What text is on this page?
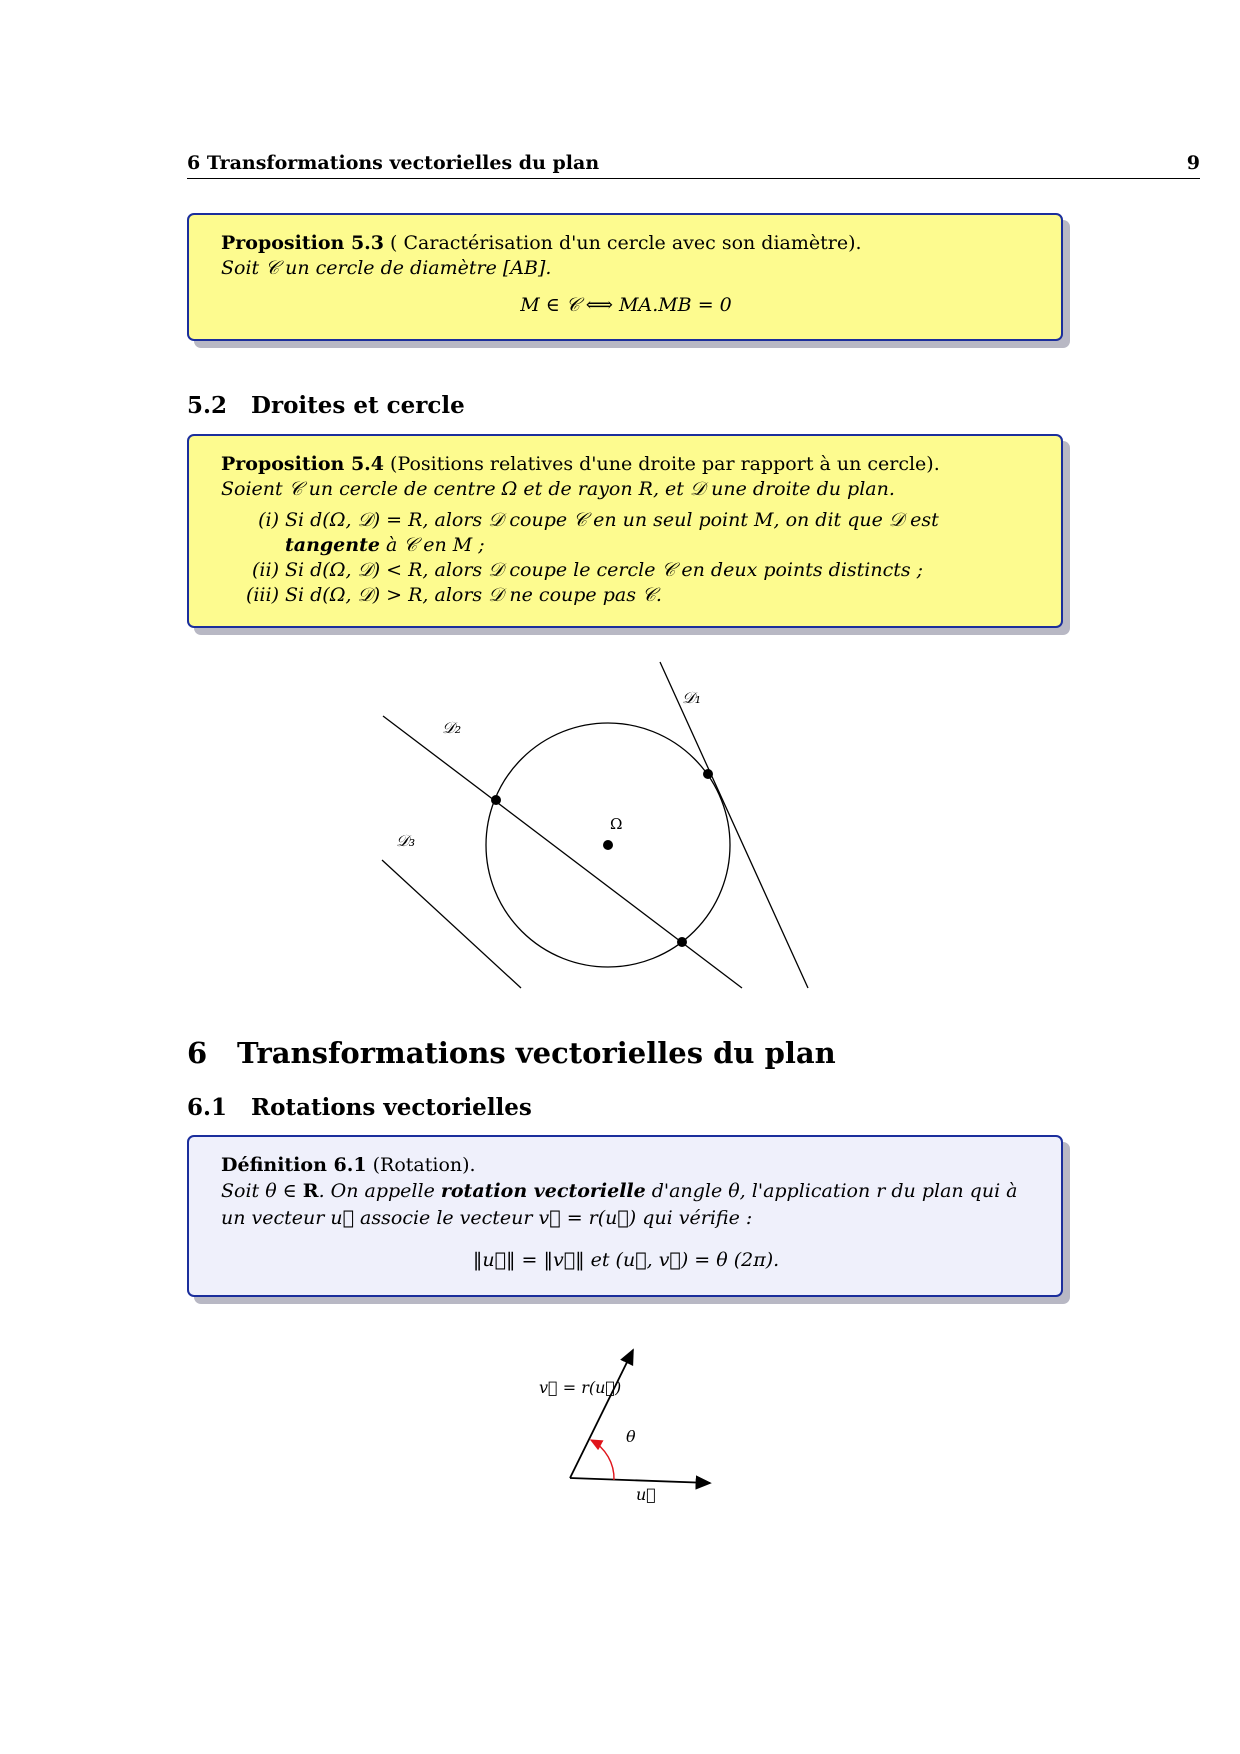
6 Transformations vectorielles du plan	9
Proposition 5.3 ( Caractérisation d'un cercle avec son diamètre).
Soit 𝒞 un cercle de diamètre [AB].
M ∈ 𝒞 ⟺ MA.MB = 0
5.2 Droites et cercle
Proposition 5.4 (Positions relatives d'une droite par rapport à un cercle).
Soient 𝒞 un cercle de centre Ω et de rayon R, et 𝒟 une droite du plan.
(i) Si d(Ω, 𝒟) = R, alors 𝒟 coupe 𝒞 en un seul point M, on dit que 𝒟 est tangente à 𝒞 en M ;
(ii) Si d(Ω, 𝒟) < R, alors 𝒟 coupe le cercle 𝒞 en deux points distincts ;
(iii) Si d(Ω, 𝒟) > R, alors 𝒟 ne coupe pas 𝒞.
𝒟₁
𝒟₂
𝒟₃
Ω
6 Transformations vectorielles du plan
6.1 Rotations vectorielles
Définition 6.1 (Rotation).
Soit θ ∈ R. On appelle rotation vectorielle d'angle θ, l'application r du plan qui à un vecteur u⃗ associe le vecteur v⃗ = r(u⃗) qui vérifie :
‖u⃗‖ = ‖v⃗‖ et (u⃗, v⃗) = θ (2π).
v⃗ = r(u⃗)
θ
u⃗
